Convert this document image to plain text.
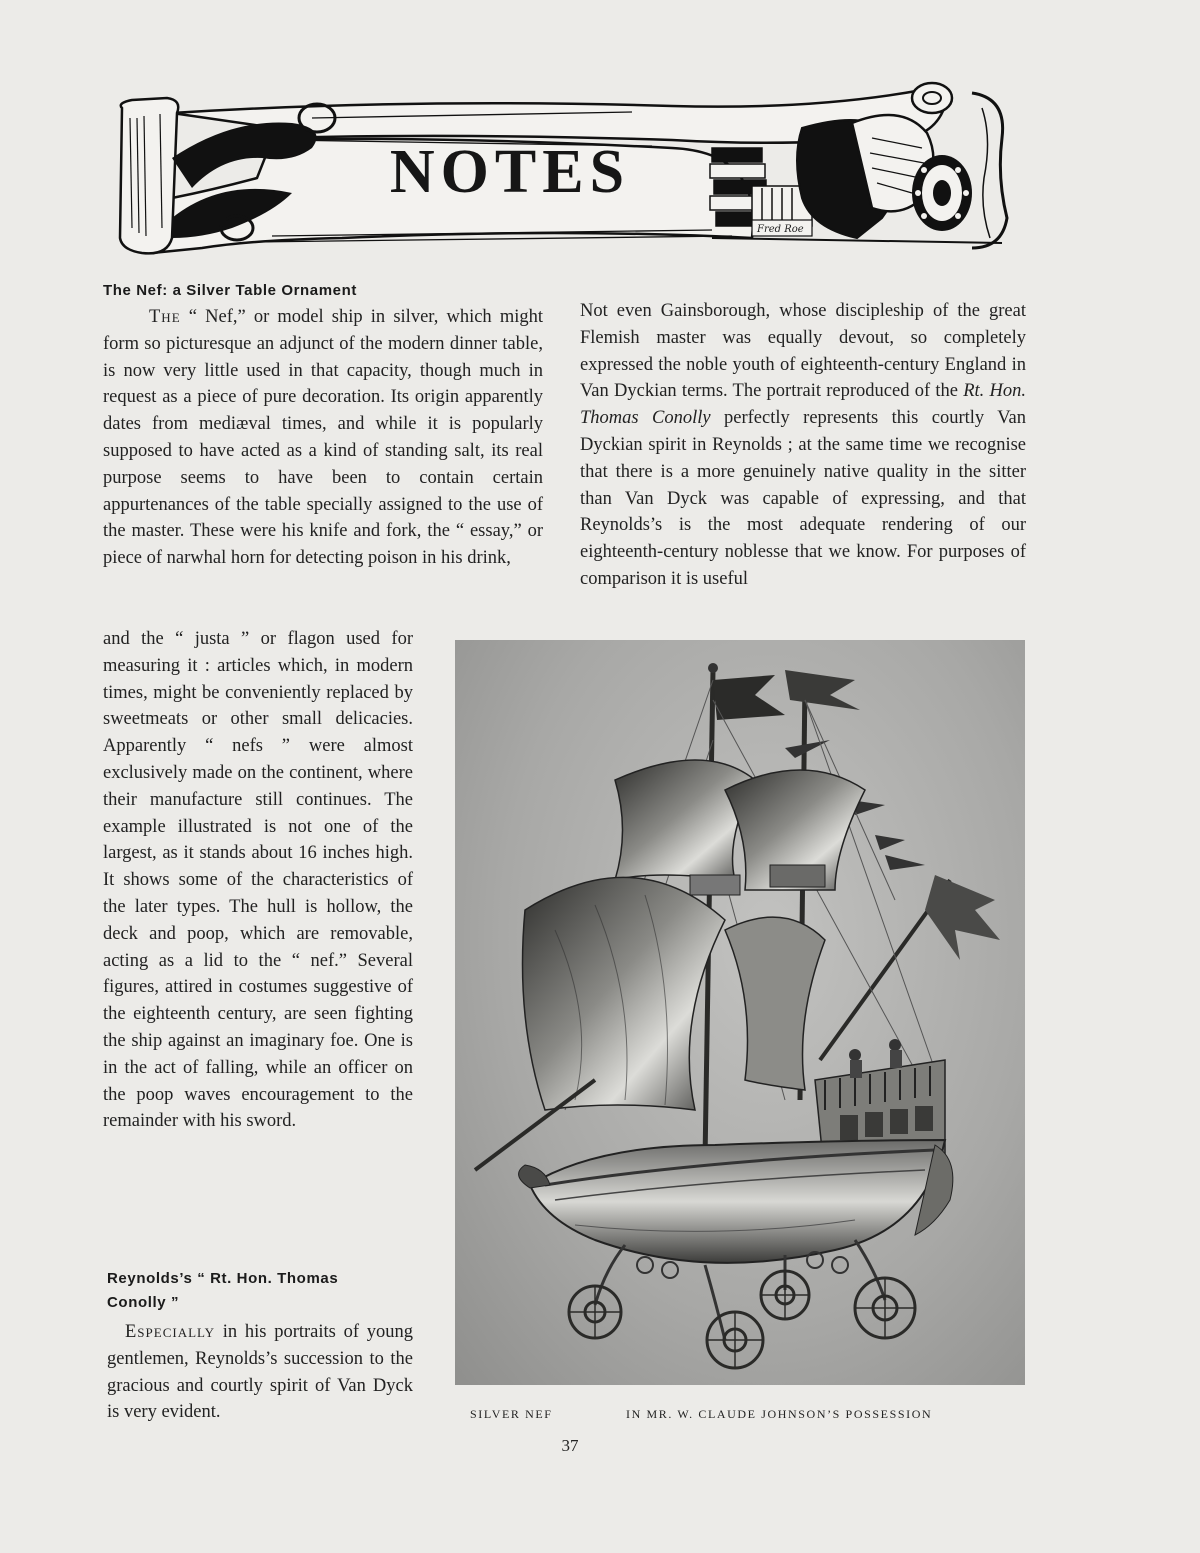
NOTES
Fred Roe
The Nef: a Silver Table Ornament

The “ Nef,” or model ship in silver, which might form so picturesque an adjunct of the modern dinner table, is now very little used in that capacity, though much in request as a piece of pure decoration. Its origin apparently dates from mediæval times, and while it is popularly supposed to have acted as a kind of standing salt, its real purpose seems to have been to contain certain appurtenances of the table specially assigned to the use of the master. These were his knife and fork, the “ essay,” or piece of narwhal horn for detecting poison in his drink,

and the “ justa ” or flagon used for measuring it : articles which, in modern times, might be conveniently replaced by sweetmeats or other small delicacies. Apparently “ nefs ” were almost exclusively made on the continent, where their manufacture still continues. The example illustrated is not one of the largest, as it stands about 16 inches high. It shows some of the characteristics of the later types. The hull is hollow, the deck and poop, which are removable, acting as a lid to the “ nef.” Several figures, attired in costumes suggestive of the eighteenth century, are seen fighting the ship against an imaginary foe. One is in the act of falling, while an officer on the poop waves encouragement to the remainder with his sword.

Reynolds’s “ Rt. Hon. Thomas
Conolly ”

Especially in his portraits of young gentlemen, Reynolds’s succession to the gracious and courtly spirit of Van Dyck is very evident.

Not even Gainsborough, whose discipleship of the great Flemish master was equally devout, so completely expressed the noble youth of eighteenth-century England in Van Dyckian terms. The portrait reproduced of the Rt. Hon. Thomas Conolly perfectly represents this courtly Van Dyckian spirit in Reynolds ; at the same time we recognise that there is a more genuinely native quality in the sitter than Van Dyck was capable of expressing, and that Reynolds’s is the most adequate rendering of our eighteenth-century noblesse that we know. For purposes of comparison it is useful

SILVER NEF	IN MR. W. CLAUDE JOHNSON’S POSSESSION
37
